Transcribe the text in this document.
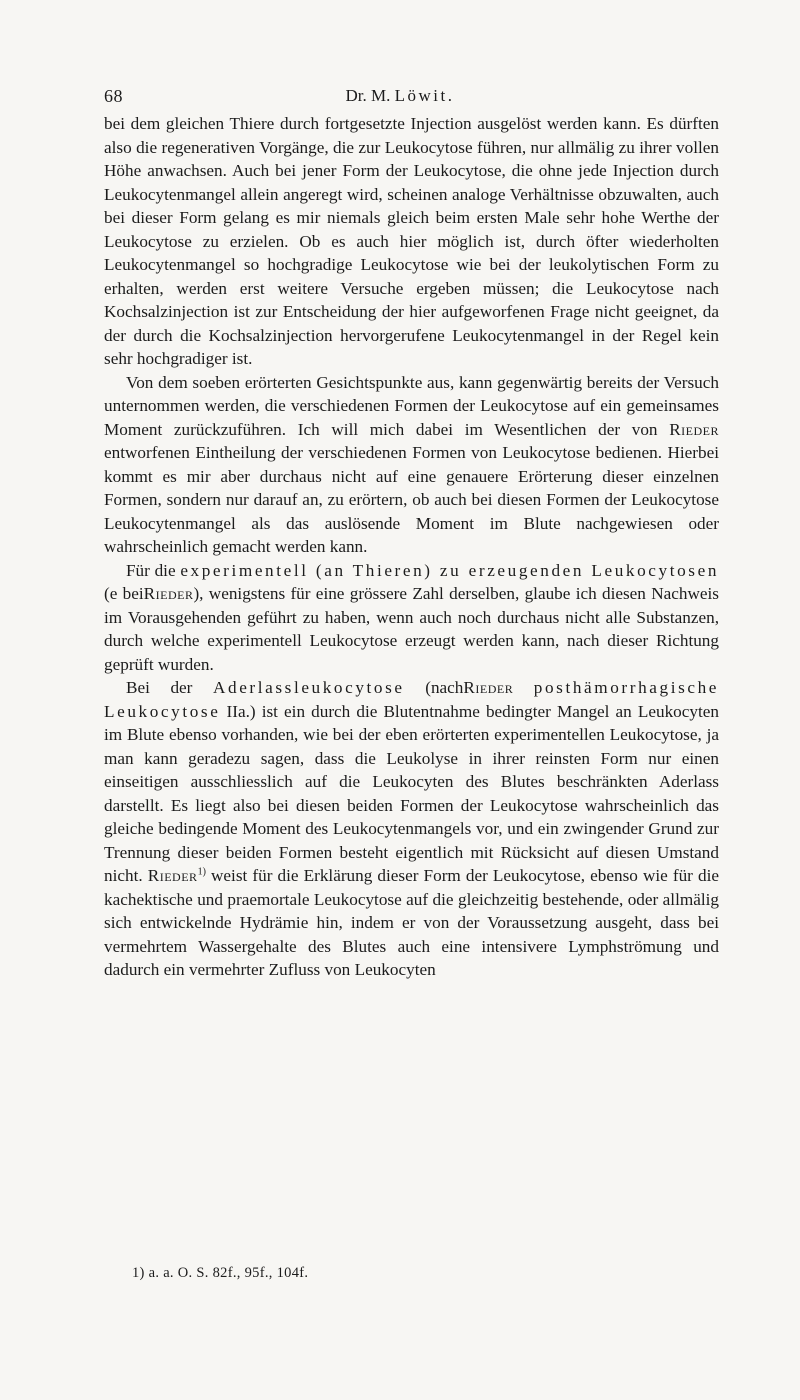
68	Dr. M. Löwit.

bei dem gleichen Thiere durch fortgesetzte Injection ausgelöst werden kann. Es dürften also die regenerativen Vorgänge, die zur Leukocytose führen, nur allmälig zu ihrer vollen Höhe anwachsen. Auch bei jener Form der Leukocytose, die ohne jede Injection durch Leukocytenmangel allein angeregt wird, scheinen analoge Verhältnisse obzuwalten, auch bei dieser Form gelang es mir niemals gleich beim ersten Male sehr hohe Werthe der Leukocytose zu erzielen. Ob es auch hier möglich ist, durch öfter wiederholten Leukocytenmangel so hochgradige Leukocytose wie bei der leukolytischen Form zu erhalten, werden erst weitere Versuche ergeben müssen; die Leukocytose nach Kochsalzinjection ist zur Entscheidung der hier aufgeworfenen Frage nicht geeignet, da der durch die Kochsalzinjection hervorgerufene Leukocytenmangel in der Regel kein sehr hochgradiger ist.

Von dem soeben erörterten Gesichtspunkte aus, kann gegenwärtig bereits der Versuch unternommen werden, die verschiedenen Formen der Leukocytose auf ein gemeinsames Moment zurückzuführen. Ich will mich dabei im Wesentlichen der von Rieder entworfenen Eintheilung der verschiedenen Formen von Leukocytose bedienen. Hierbei kommt es mir aber durchaus nicht auf eine genauere Erörterung dieser einzelnen Formen, sondern nur darauf an, zu erörtern, ob auch bei diesen Formen der Leukocytose Leukocytenmangel als das auslösende Moment im Blute nachgewiesen oder wahrscheinlich gemacht werden kann.

Für die experimentell (an Thieren) zu erzeugenden Leukocytosen (e beiRieder), wenigstens für eine grössere Zahl derselben, glaube ich diesen Nachweis im Vorausgehenden geführt zu haben, wenn auch noch durchaus nicht alle Substanzen, durch welche experimentell Leukocytose erzeugt werden kann, nach dieser Richtung geprüft wurden.

Bei der Aderlassleukocytose (nachRieder posthämorrhagische Leukocytose IIa.) ist ein durch die Blutentnahme bedingter Mangel an Leukocyten im Blute ebenso vorhanden, wie bei der eben erörterten experimentellen Leukocytose, ja man kann geradezu sagen, dass die Leukolyse in ihrer reinsten Form nur einen einseitigen ausschliesslich auf die Leukocyten des Blutes beschränkten Aderlass darstellt. Es liegt also bei diesen beiden Formen der Leukocytose wahrscheinlich das gleiche bedingende Moment des Leukocytenmangels vor, und ein zwingender Grund zur Trennung dieser beiden Formen besteht eigentlich mit Rücksicht auf diesen Umstand nicht. Rieder$^{1)}$ weist für die Erklärung dieser Form der Leukocytose, ebenso wie für die kachektische und praemortale Leukocytose auf die gleichzeitig bestehende, oder allmälig sich entwickelnde Hydrämie hin, indem er von der Voraussetzung ausgeht, dass bei vermehrtem Wassergehalte des Blutes auch eine intensivere Lymphströmung und dadurch ein vermehrter Zufluss von Leukocyten

1) a. a. O. S. 82f., 95f., 104f.
